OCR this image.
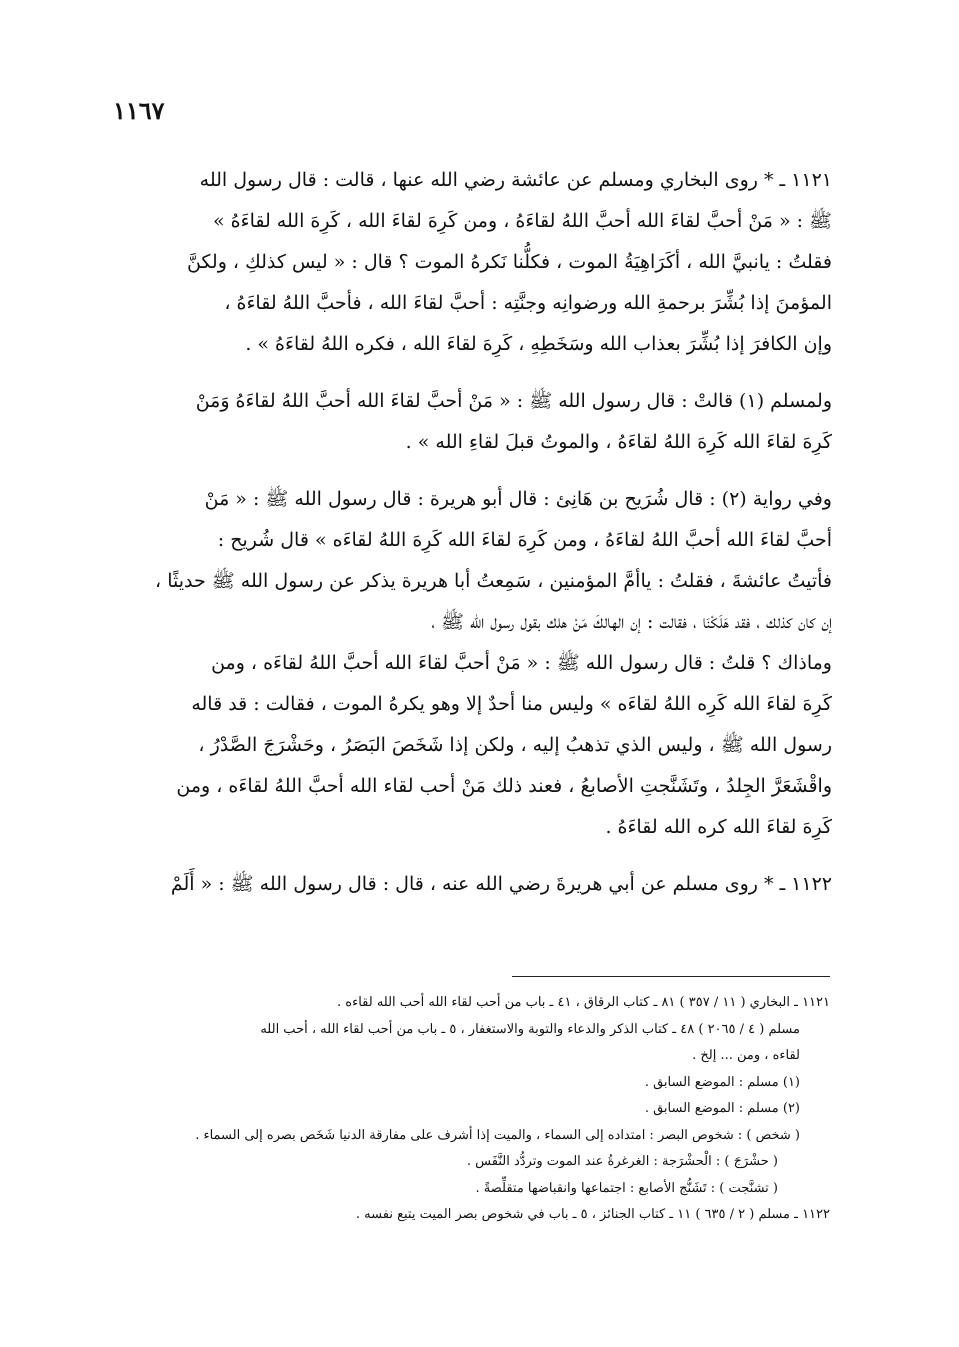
١١٦٧
١١٢١ ـ * روى البخاري ومسلم عن عائشة رضي الله عنها ، قالت : قال رسول الله
ﷺ : « مَنْ أحبَّ لقاءَ الله أحبَّ اللهُ لقاءَهُ ، ومن كَرِهَ لقاءَ الله ، كَرِهَ الله لقاءَهُ »
فقلتُ : يانبيَّ الله ، أكَرَاهِيَةُ الموت ، فكلُّنا نَكرهُ الموت ؟ قال : « ليس كذلكِ ، ولكنَّ
المؤمنَ إذا بُشِّرَ برحمةِ الله ورضوانِه وجنَّتِه : أحبَّ لقاءَ الله ، فأحبَّ اللهُ لقاءَهُ ،
وإن الكافرَ إذا بُشِّرَ بعذاب الله وسَخَطِهِ ، كَرِهَ لقاءَ الله ، فكره اللهُ لقاءَهُ » .
ولمسلم (١) قالتْ : قال رسول الله ﷺ : « مَنْ أحبَّ لقاءَ الله أحبَّ اللهُ لقاءَهُ وَمَنْ
كَرِهَ لقاءَ الله كَرِهَ اللهُ لقاءَهُ ، والموتُ قبلَ لقاءِ الله » .
وفي رواية (٢) : قال شُرَيح بن هَانِئ : قال أبو هريرة : قال رسول الله ﷺ : « مَنْ
أحبَّ لقاءَ الله أحبَّ اللهُ لقاءَهُ ، ومن كَرِهَ لقاءَ الله كَرِهَ اللهُ لقاءَه » قال شُريح :
فأتيتُ عائشةَ ، فقلتُ : ياأمَّ المؤمنين ، سَمِعتُ أبا هريرة يذكر عن رسول الله ﷺ حديثًا ،
إن كان كذلك ، فقد هَلَكْنَا ، فقالت : إن الهالكَ مَنْ هلك بقول رسول الله ﷺ ،
وماذاك ؟ قلتُ : قال رسول الله ﷺ : « مَنْ أحبَّ لقاءَ الله أحبَّ اللهُ لقاءَه ، ومن
كَرِهَ لقاءَ الله كَرِه اللهُ لقاءَه » وليس منا أحدٌ إلا وهو يكرهُ الموت ، فقالت : قد قاله
رسول الله ﷺ ، وليس الذي تذهبُ إليه ، ولكن إذا شَخَصَ البَصَرُ ، وحَشْرَجَ الصَّدْرُ ،
واقْشَعَرَّ الجِلدُ ، وتَشَنَّجتِ الأصابعُ ، فعند ذلك مَنْ أحب لقاء الله أحبَّ اللهُ لقاءَه ، ومن
كَرِهَ لقاءَ الله كره الله لقاءَهُ .
١١٢٢ ـ * روى مسلم عن أبي هريرةَ رضي الله عنه ، قال : قال رسول الله ﷺ : « أَلَمْ
١١٢١ ـ البخاري ( ١١ / ٣٥٧ ) ٨١ ـ كتاب الرقاق ، ٤١ ـ باب من أحب لقاء الله أحب الله لقاءه .
مسلم ( ٤ / ٢٠٦٥ ) ٤٨ ـ كتاب الذكر والدعاء والتوبة والاستغفار ، ٥ ـ باب من أحب لقاء الله ، أحب الله
لقاءه ، ومن ... إلخ .
(١) مسلم : الموضع السابق .
(٢) مسلم : الموضع السابق .
( شخص ) : شخوص البصر : امتداده إلى السماء ، والميت إذا أشرف على مفارقة الدنيا شَخَص بصره إلى السماء .
( حشْرَجَ ) : الْحشْرَجة : الغرغرةُ عند الموت وتردُّد النَّفَس .
( تشنَّجت ) : تَشَنُّج الأصابع : اجتماعها وانقباضها متقلِّصةً .
١١٢٢ ـ مسلم ( ٢ / ٦٣٥ ) ١١ ـ كتاب الجنائز ، ٥ ـ باب في شخوص بصر الميت يتبع نفسه .
